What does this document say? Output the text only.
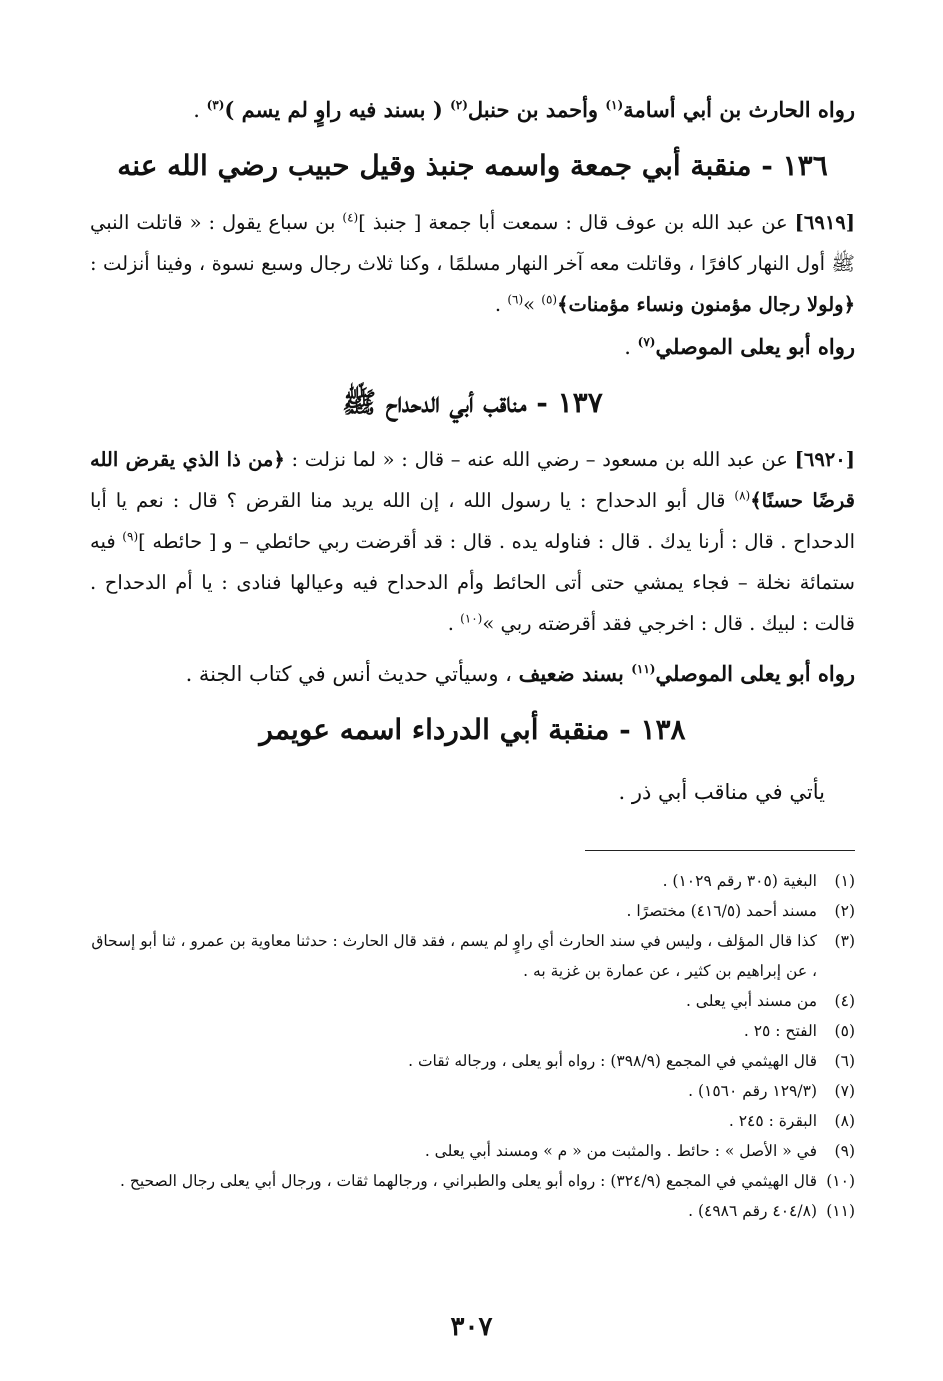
رواه الحارث بن أبي أسامة$^{(١)}$ وأحمد بن حنبل$^{(٢)}$ ( بسند فيه راوٍ لم يسم )$^{(٣)}$ .

١٣٦ - منقبة أبي جمعة واسمه جنبذ وقيل حبيب رضي الله عنه

[٦٩١٩] عن عبد الله بن عوف قال : سمعت أبا جمعة [ جنبذ ]$^{(٤)}$ بن سباع يقول : « قاتلت النبي ﷺ أول النهار كافرًا ، وقاتلت معه آخر النهار مسلمًا ، وكنا ثلاث رجال وسبع نسوة ، وفينا أنزلت : ﴿ولولا رجال مؤمنون ونساء مؤمنات﴾$^{(٥)}$ »$^{(٦)}$ .

رواه أبو يعلى الموصلي$^{(٧)}$ .

١٣٧ - مناقب أبي الدحداح ﷺ

[٦٩٢٠] عن عبد الله بن مسعود – رضي الله عنه – قال : « لما نزلت : ﴿من ذا الذي يقرض الله قرضًا حسنًا﴾$^{(٨)}$ قال أبو الدحداح : يا رسول الله ، إن الله يريد منا القرض ؟ قال : نعم يا أبا الدحداح . قال : أرنا يدك . قال : فناوله يده . قال : قد أقرضت ربي حائطي – و [ حائطه ]$^{(٩)}$ فيه ستمائة نخلة – فجاء يمشي حتى أتى الحائط وأم الدحداح فيه وعيالها فنادى : يا أم الدحداح . قالت : لبيك . قال : اخرجي فقد أقرضته ربي »$^{(١٠)}$ .

رواه أبو يعلى الموصلي$^{(١١)}$ بسند ضعيف ، وسيأتي حديث أنس في كتاب الجنة .

١٣٨ - منقبة أبي الدرداء اسمه عويمر

يأتي في مناقب أبي ذر .

(١)
البغية (٣٠٥ رقم ١٠٢٩) .
(٢)
مسند أحمد (٤١٦/٥) مختصرًا .
(٣)
كذا قال المؤلف ، وليس في سند الحارث أي راوٍ لم يسم ، فقد قال الحارث : حدثنا معاوية بن عمرو ، ثنا أبو إسحاق ، عن إبراهيم بن كثير ، عن عمارة بن غزية به .
(٤)
من مسند أبي يعلى .
(٥)
الفتح : ٢٥ .
(٦)
قال الهيثمي في المجمع (٣٩٨/٩) : رواه أبو يعلى ، ورجاله ثقات .
(٧)
(١٢٩/٣ رقم ١٥٦٠) .
(٨)
البقرة : ٢٤٥ .
(٩)
في « الأصل » : حائط . والمثبت من « م » ومسند أبي يعلى .
(١٠)
قال الهيثمي في المجمع (٣٢٤/٩) : رواه أبو يعلى والطبراني ، ورجالهما ثقات ، ورجال أبي يعلى رجال الصحيح .
(١١)
(٤٠٤/٨ رقم ٤٩٨٦) .
٣٠٧
